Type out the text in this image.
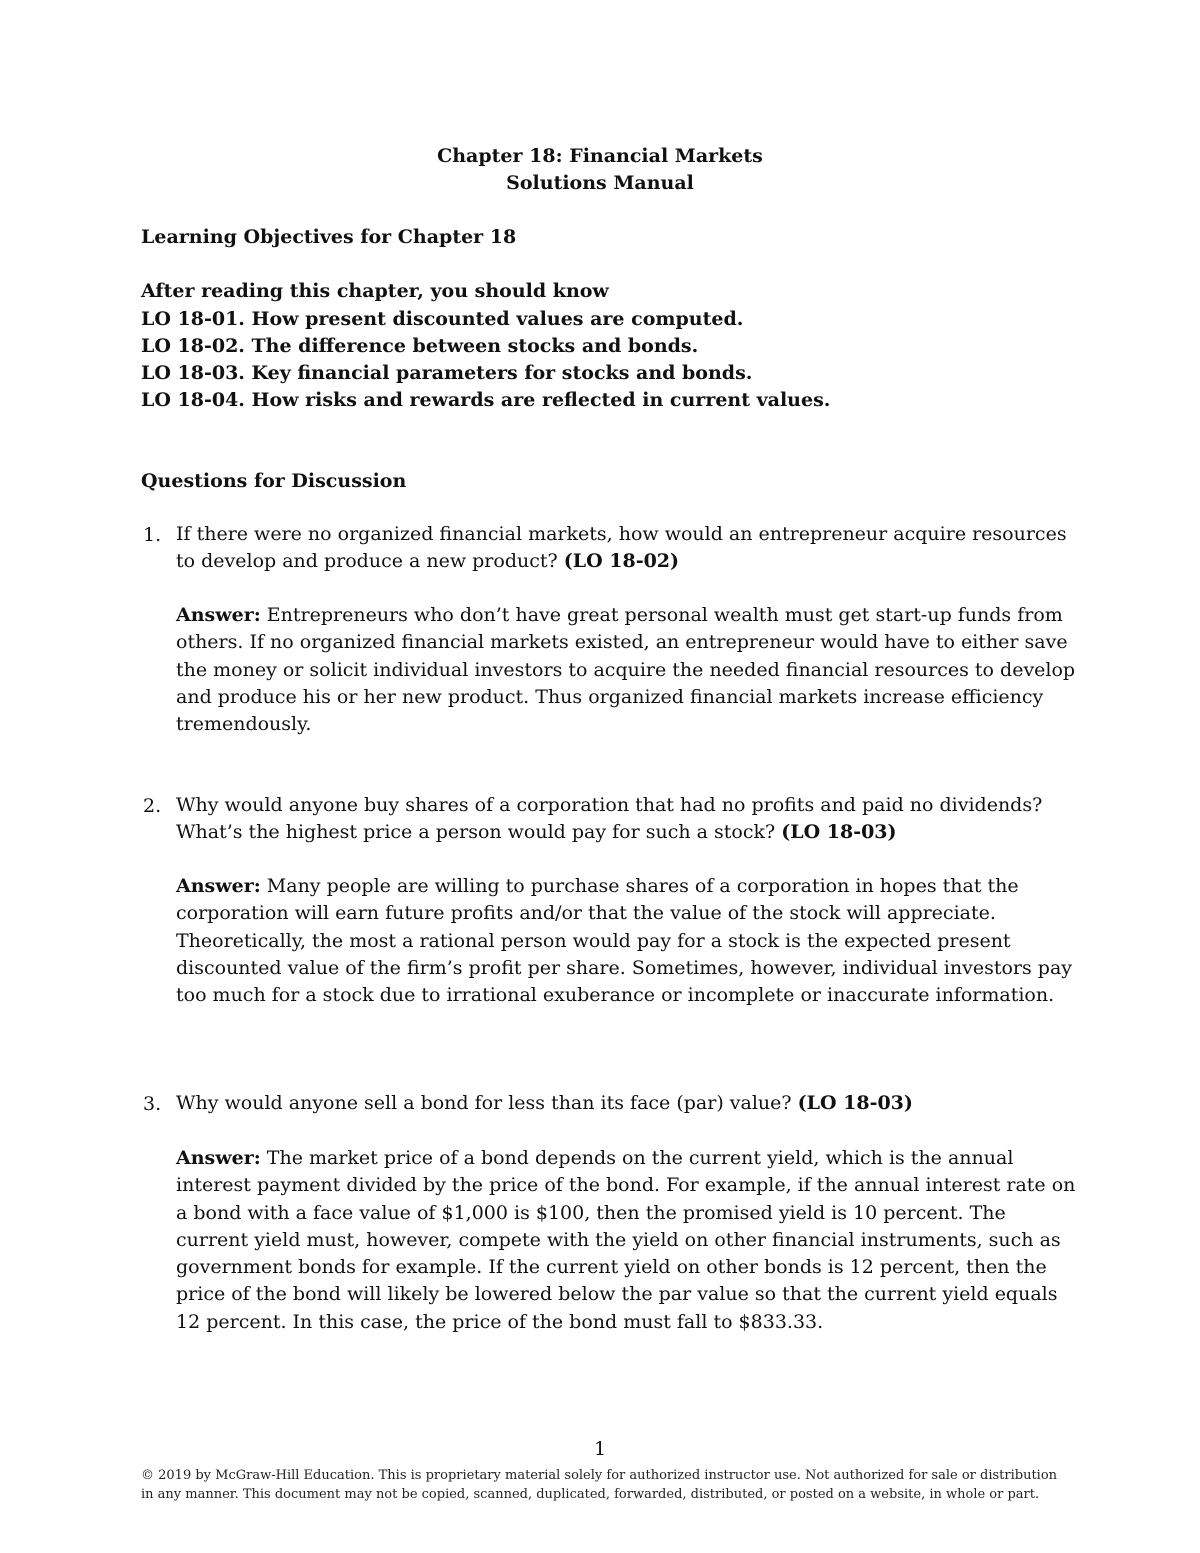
Chapter 18: Financial Markets
Solutions Manual
Learning Objectives for Chapter 18
After reading this chapter, you should know
LO 18-01. How present discounted values are computed.
LO 18-02. The difference between stocks and bonds.
LO 18-03. Key financial parameters for stocks and bonds.
LO 18-04. How risks and rewards are reflected in current values.
Questions for Discussion
1. If there were no organized financial markets, how would an entrepreneur acquire resources to develop and produce a new product? (LO 18-02)
Answer: Entrepreneurs who don’t have great personal wealth must get start-up funds from others. If no organized financial markets existed, an entrepreneur would have to either save the money or solicit individual investors to acquire the needed financial resources to develop and produce his or her new product. Thus organized financial markets increase efficiency tremendously.
2. Why would anyone buy shares of a corporation that had no profits and paid no dividends? What’s the highest price a person would pay for such a stock? (LO 18-03)
Answer: Many people are willing to purchase shares of a corporation in hopes that the corporation will earn future profits and/or that the value of the stock will appreciate. Theoretically, the most a rational person would pay for a stock is the expected present discounted value of the firm’s profit per share. Sometimes, however, individual investors pay too much for a stock due to irrational exuberance or incomplete or inaccurate information.
3. Why would anyone sell a bond for less than its face (par) value? (LO 18-03)
Answer: The market price of a bond depends on the current yield, which is the annual interest payment divided by the price of the bond. For example, if the annual interest rate on a bond with a face value of $1,000 is $100, then the promised yield is 10 percent. The current yield must, however, compete with the yield on other financial instruments, such as government bonds for example. If the current yield on other bonds is 12 percent, then the price of the bond will likely be lowered below the par value so that the current yield equals 12 percent. In this case, the price of the bond must fall to $833.33.
1
© 2019 by McGraw-Hill Education. This is proprietary material solely for authorized instructor use. Not authorized for sale or distribution in any manner. This document may not be copied, scanned, duplicated, forwarded, distributed, or posted on a website, in whole or part.
